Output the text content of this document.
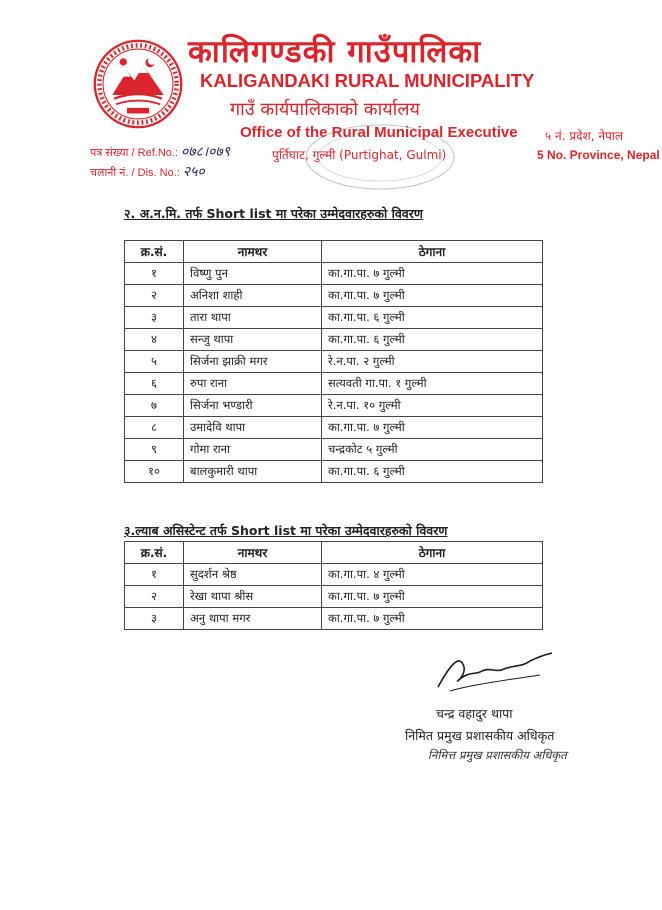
कालिगण्डकी गाउँपालिका
KALIGANDAKI RURAL MUNICIPALITY
गाउँ कार्यपालिकाको कार्यालय
Office of the Rural Municipal Executive
पुर्तिघाट, गुल्मी (Purtighat, Gulmi)
५ नं. प्रदेश, नेपाल
5 No. Province, Nepal
पत्र संख्या / Ref.No.: ०७८।०७९
चलानी नं. / Dis. No.: २५०
२. अ.न.मि. तर्फ Short list मा परेका उम्मेदवारहरुको विवरण
क्र.सं.	नामथर	ठेगाना
१	विष्णु पुन	का.गा.पा. ७ गुल्मी
२	अनिशा शाही	का.गा.पा. ७ गुल्मी
३	तारा थापा	का.गा.पा. ६ गुल्मी
४	सन्जु थापा	का.गा.पा. ६ गुल्मी
५	सिर्जना झाक्री मगर	रे.न.पा. २ गुल्मी
६	रुपा राना	सत्यवती गा.पा. १ गुल्मी
७	सिर्जना भण्डारी	रे.न.पा. १० गुल्मी
८	उमादेवि थापा	का.गा.पा. ७ गुल्मी
९	गोमा राना	चन्द्रकोट ५ गुल्मी
१०	बालकुमारी थापा	का.गा.पा. ६ गुल्मी
३.ल्याब असिस्टेन्ट तर्फ Short list मा परेका उम्मेदवारहरुको विवरण
क्र.सं.	नामथर	ठेगाना
१	सुदर्शन श्रेष्ठ	का.गा.पा. ४ गुल्मी
२	रेखा थापा श्रीस	का.गा.पा. ७ गुल्मी
३	अनु थापा मगर	का.गा.पा. ७ गुल्मी
चन्द्र वहादुर थापा
निमित प्रमुख प्रशासकीय अधिकृत
निमित्त प्रमुख प्रशासकीय अधिकृत
